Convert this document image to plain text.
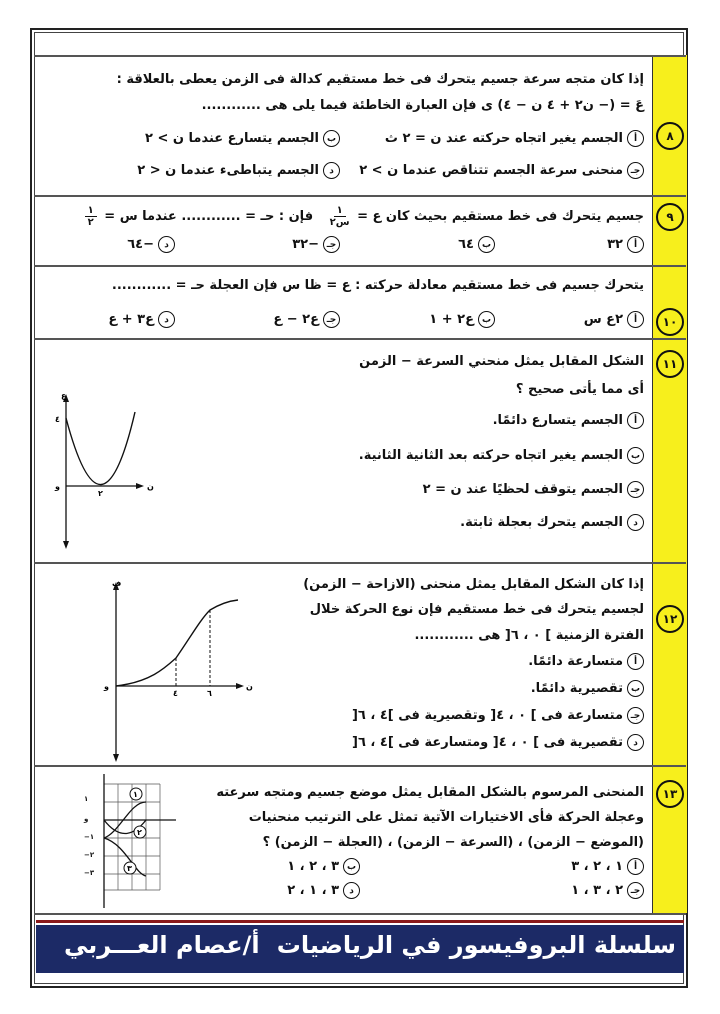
٨
إذا كان متجه سرعة جسيم يتحرك فى خط مستقيم كدالة فى الزمن يعطى بالعلاقة :
عَ = (− ن٢ + ٤ ن − ٤) ى فإن العبارة الخاطئة فيما يلى هى ............
أ
الجسم يغير اتجاه حركته عند ن = ٢ ث
ب
الجسم يتسارع عندما ن > ٢
جـ
منحنى سرعة الجسم تتناقص عندما ن > ٢
د
الجسم يتباطىء عندما ن < ٢
٩
جسيم يتحرك فى خط مستقيم بحيث كان ع =
$\frac{١}{\text{س٢}}$
فإن : حـ = ............ عندما س =
$\frac{١}{٢}$
أ
٣٢
ب
٦٤
جـ
−٣٢
د
−٦٤
١٠
يتحرك جسيم فى خط مستقيم معادلة حركته : ع = ظا س فإن العجلة حـ = ............
أ
٢ع س
ب
ع٢ + ١
جـ
ع٢ − ع
د
ع٣ + ع
١١
الشكل المقابل يمثل منحني السرعة − الزمن
أى مما يأتى صحيح ؟
أ
الجسم يتسارع دائمًا.
ب
الجسم يغير اتجاه حركته بعد الثانية الثانية.
جـ
الجسم يتوقف لحظيًا عند ن = ٢
د
الجسم يتحرك بعجلة ثابتة.
ع
٤
و
٢
ن
١٢
إذا كان الشكل المقابل يمثل منحنى (الازاحة − الزمن)
لجسيم يتحرك فى خط مستقيم فإن نوع الحركة خلال
الفترة الزمنية ] ٠ ، ٦[ هى ............
أ
متسارعة دائمًا.
ب
تقصيرية دائمًا.
جـ
متسارعة فى ] ٠ ، ٤[ وتقصيرية فى ]٤ ، ٦[
د
تقصيرية فى ] ٠ ، ٤[ ومتسارعة فى ]٤ ، ٦[
ف
و
٤	٦
ن
١٣
المنحنى المرسوم بالشكل المقابل يمثل موضع جسيم ومتجه سرعته
وعجلة الحركة فأى الاختيارات الآتية تمثل على الترتيب منحنيات
(الموضع − الزمن) ، (السرعة − الزمن) ، (العجلة − الزمن) ؟
أ
١ ، ٢ ، ٣
ب
٣ ، ٢ ، ١
جـ
٢ ، ٣ ، ١
د
٣ ، ١ ، ٢
١
٢
٣
١
و
−١
−٢
−٣
سلسلة البروفيسور في الرياضيات
أ/عصام العـــربي
